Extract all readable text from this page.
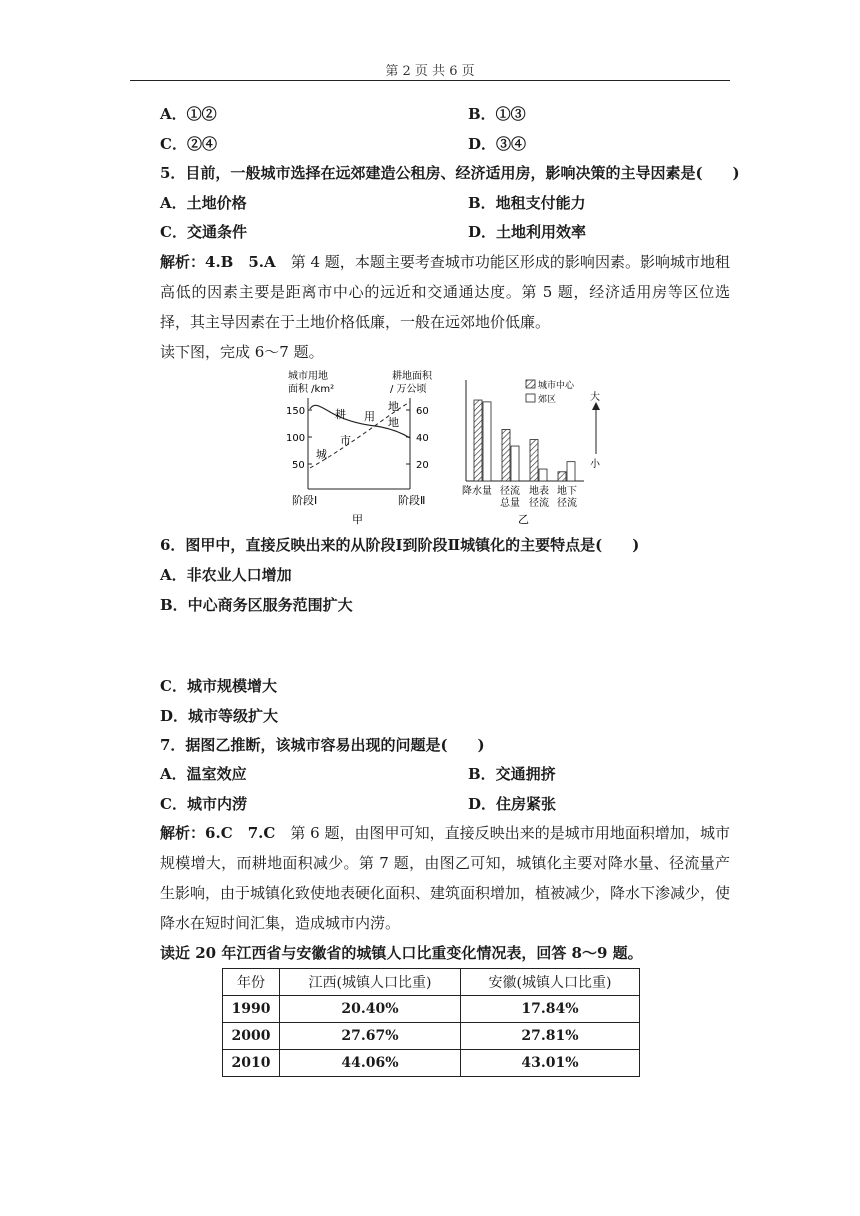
第 2 页 共 6 页
A．①②	B．①③
C．②④	D．③④
5．目前，一般城市选择在远郊建造公租房、经济适用房，影响决策的主导因素是(　　)
A．土地价格	B．地租支付能力
C．交通条件	D．土地利用效率
解析：4.B　5.A　第 4 题，本题主要考查城市功能区形成的影响因素。影响城市地租高低的因素主要是距离市中心的远近和交通通达度。第 5 题，经济适用房等区位选择，其主导因素在于土地价格低廉，一般在远郊地价低廉。
读下图，完成 6～7 题。
城市用地
面积 /km²
耕地面积
/ 万公顷
150
100
50
60
40
20
耕 用
地
地
市
城
阶段Ⅰ	阶段Ⅱ
甲
城市中心
郊区	大
小
降水量 径流
总量
地表
径流
地下
径流
乙
6．图甲中，直接反映出来的从阶段Ⅰ到阶段Ⅱ城镇化的主要特点是(　　)
A．非农业人口增加
B．中心商务区服务范围扩大
C．城市规模增大
D．城市等级扩大
7．据图乙推断，该城市容易出现的问题是(　　)
A．温室效应	B．交通拥挤
C．城市内涝	D．住房紧张
解析：6.C　7.C　第 6 题，由图甲可知，直接反映出来的是城市用地面积增加，城市规模增大，而耕地面积减少。第 7 题，由图乙可知，城镇化主要对降水量、径流量产生影响，由于城镇化致使地表硬化面积、建筑面积增加，植被减少，降水下渗减少，使降水在短时间汇集，造成城市内涝。
读近 20 年江西省与安徽省的城镇人口比重变化情况表，回答 8～9 题。
年份	江西(城镇人口比重)	安徽(城镇人口比重)
1990	20.40%	17.84%
2000	27.67%	27.81%
2010	44.06%	43.01%
